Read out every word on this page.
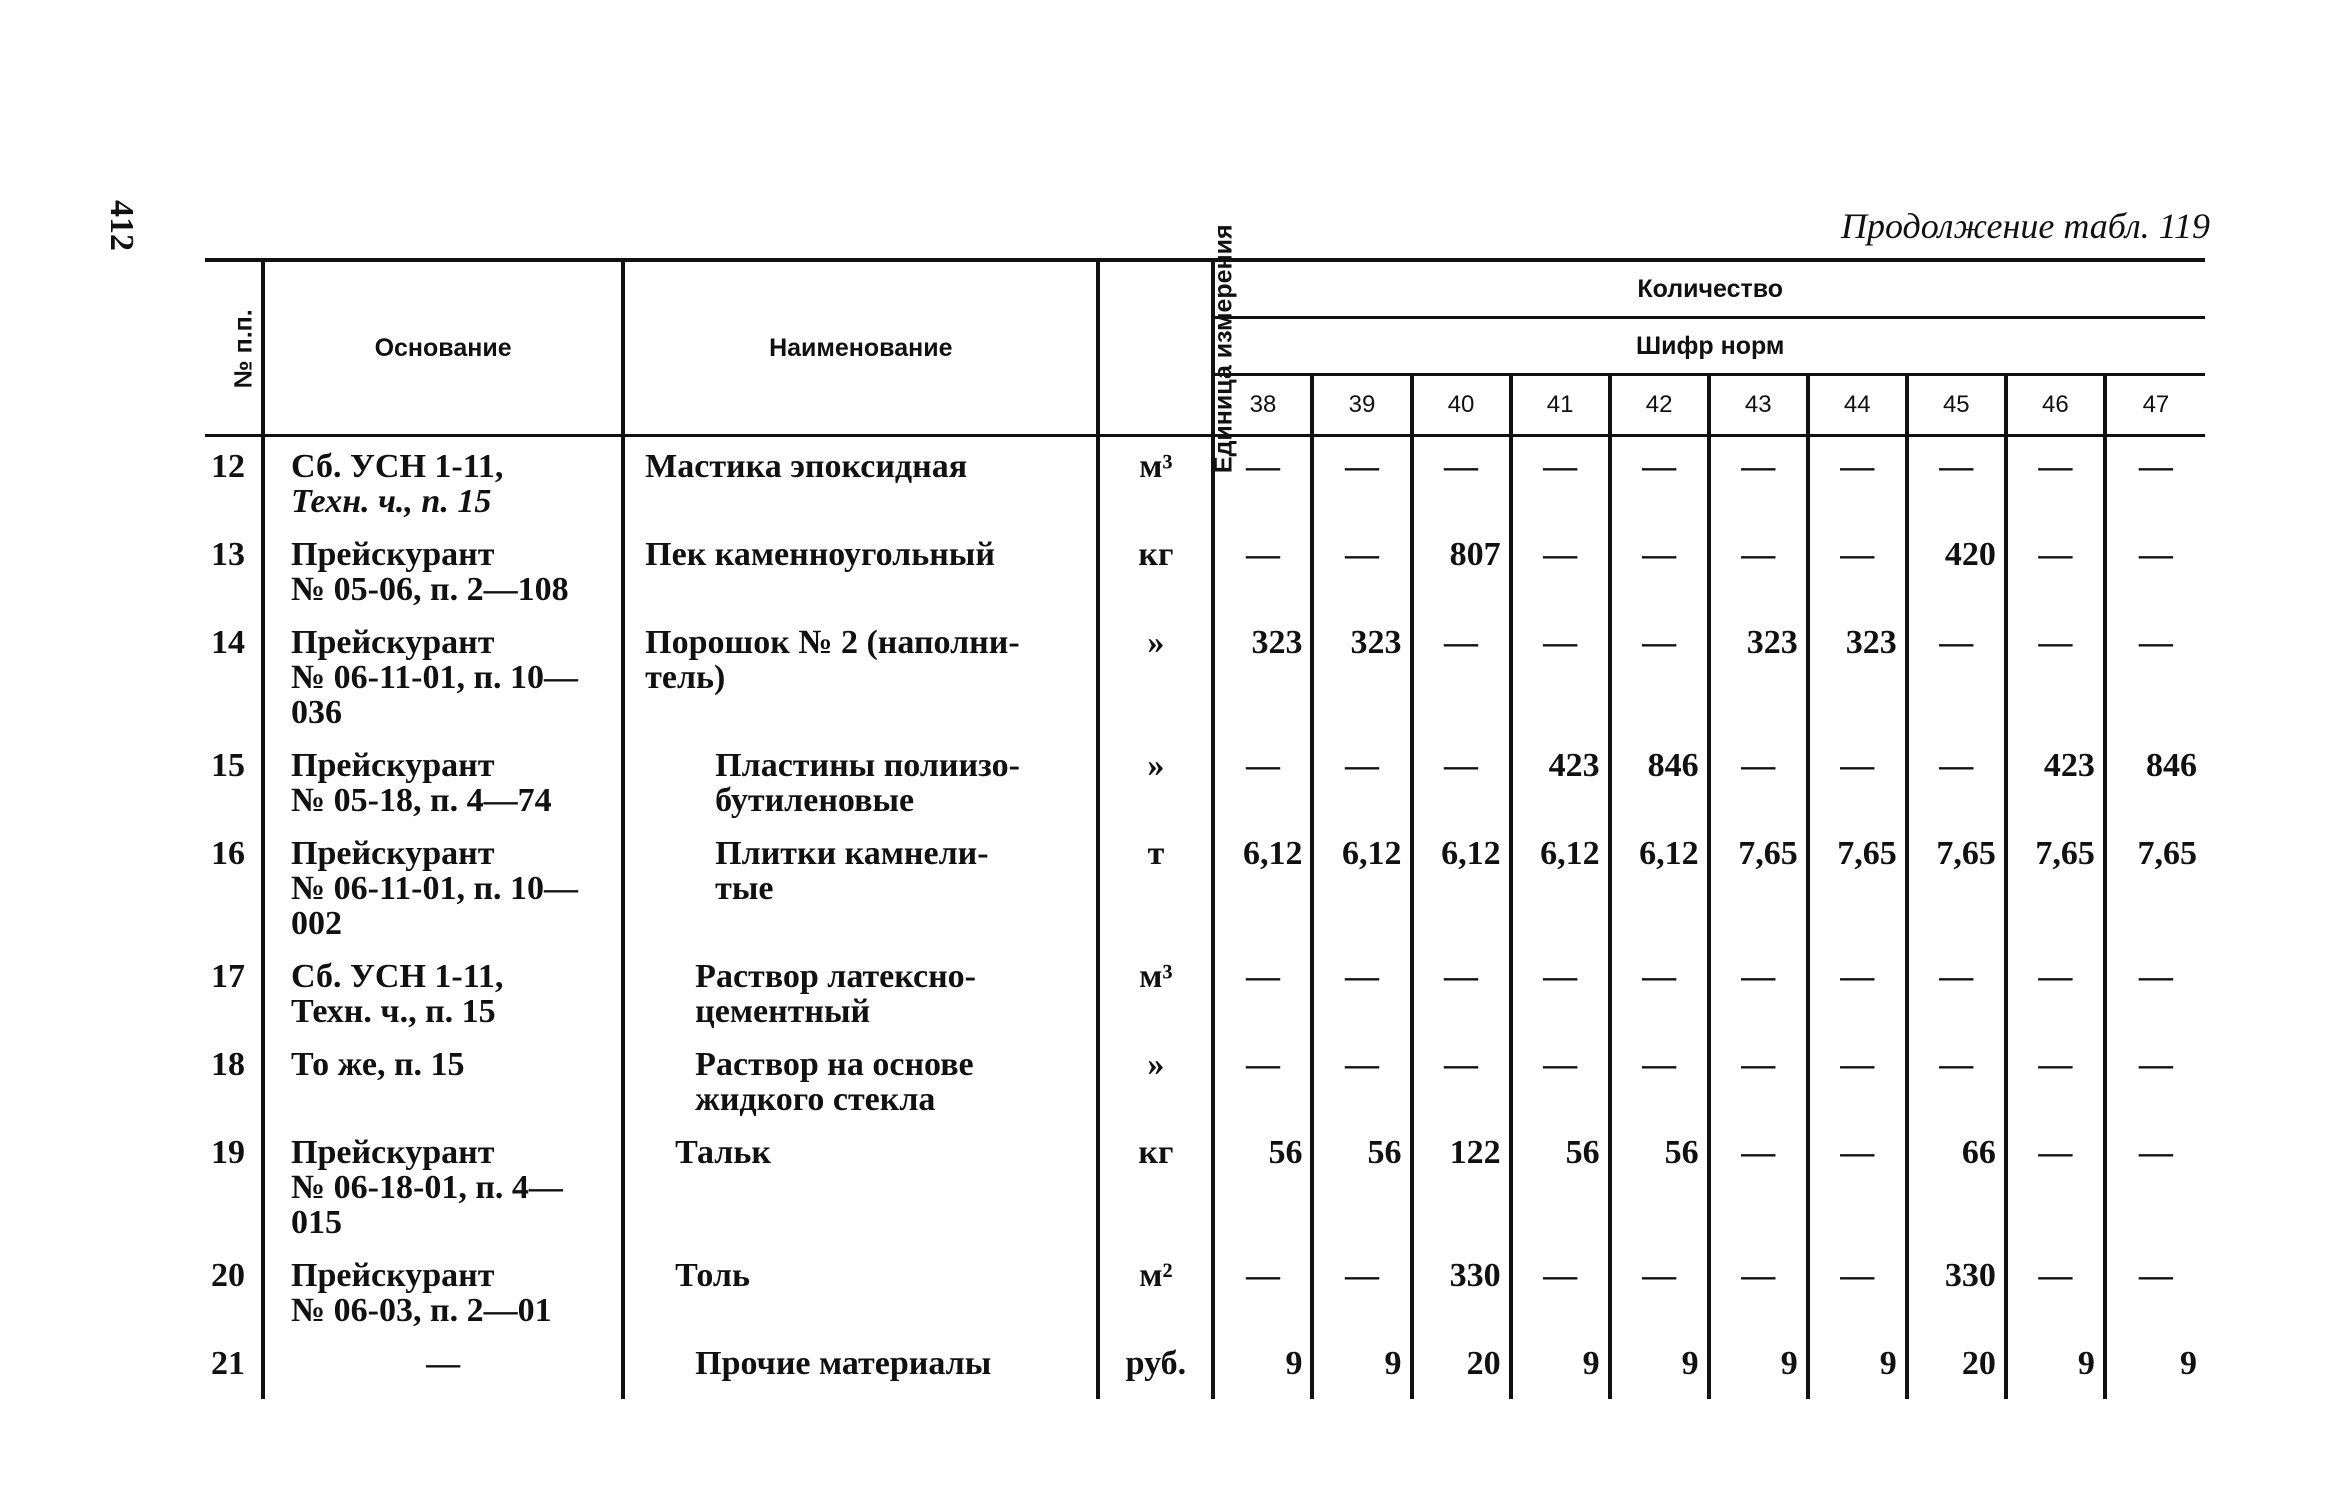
412	Продолжение табл. 119
№ п.п.	Основание	Наименование	Единица измерения	Количество									
				Шифр норм									
				38	39	40	41	42	43	44	45	46	47
12	Сб. УСН 1-11,
Техн. ч., п. 15	Мастика эпоксидная	м³	—	—	—	—	—	—	—	—	—	—
13	Прейскурант
№ 05-06, п. 2—108	Пек каменноугольный	кг	—	—	807	—	—	—	—	420	—	—
14	Прейскурант
№ 06-11-01, п. 10—
036	Порошок № 2 (наполни-
тель)	»	323	323	—	—	—	323	323	—	—	—
15	Прейскурант
№ 05-18, п. 4—74	Пластины полиизо-
бутиленовые	»	—	—	—	423	846	—	—	—	423	846
16	Прейскурант
№ 06-11-01, п. 10—
002	Плитки камнели-
тые	т	6,12	6,12	6,12	6,12	6,12	7,65	7,65	7,65	7,65	7,65
17	Сб. УСН 1-11,
Техн. ч., п. 15	Раствор латексно-
цементный	м³	—	—	—	—	—	—	—	—	—	—
18	То же, п. 15	Раствор на основе
жидкого стекла	»	—	—	—	—	—	—	—	—	—	—
19	Прейскурант
№ 06-18-01, п. 4—
015	Тальк	кг	56	56	122	56	56	—	—	66	—	—
20	Прейскурант
№ 06-03, п. 2—01	Толь	м²	—	—	330	—	—	—	—	330	—	—
21	—	Прочие материалы	руб.	9	9	20	9	9	9	9	20	9	9
